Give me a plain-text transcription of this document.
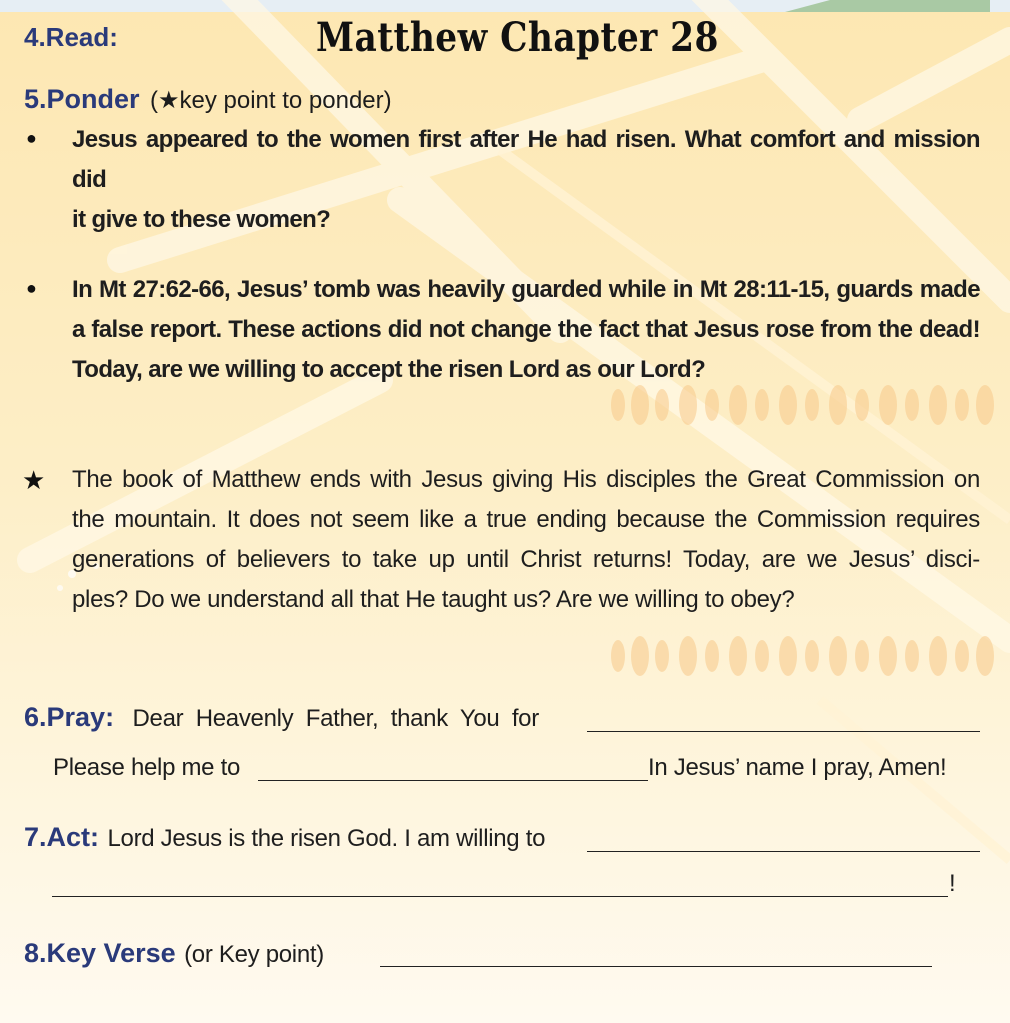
4.Read:	Matthew Chapter 28
5.Ponder (★key point to ponder)
● Jesus appeared to the women first after He had risen. What comfort and mission did
it give to these women?
● In Mt 27:62-66, Jesus’ tomb was heavily guarded while in Mt 28:11-15, guards made
a false report. These actions did not change the fact that Jesus rose from the dead!
Today, are we willing to accept the risen Lord as our Lord?
★ The book of Matthew ends with Jesus giving His disciples the Great Commission on
the mountain. It does not seem like a true ending because the Commission requires
generations of believers to take up until Christ returns! Today, are we Jesus’ disci-
ples? Do we understand all that He taught us? Are we willing to obey?
6.Pray: Dear Heavenly Father, thank You for
Please help me to	In Jesus’ name I pray, Amen!
7.Act: Lord Jesus is the risen God. I am willing to
!
8.Key Verse (or Key point)
